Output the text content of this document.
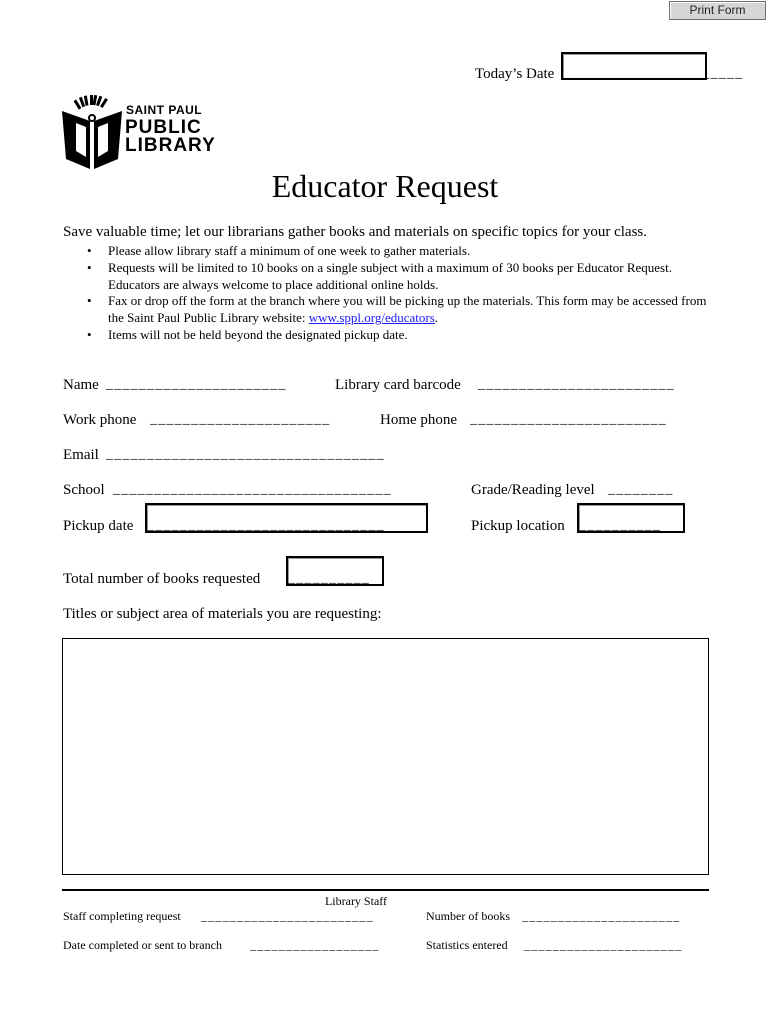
Print Form
Today’s Date ______________________
SAINT PAUL
PUBLIC
LIBRARY
Educator Request
Save valuable time; let our librarians gather books and materials on specific topics for your class.
• Please allow library staff a minimum of one week to gather materials.
• Requests will be limited to 10 books on a single subject with a maximum of 30 books per Educator Request. Educators are always welcome to place additional online holds.
• Fax or drop off the form at the branch where you will be picking up the materials. This form may be accessed from the Saint Paul Public Library website: www.sppl.org/educators.
• Items will not be held beyond the designated pickup date.
Name ______________________	Library card barcode ________________________
Work phone ______________________	Home phone ________________________
Email __________________________________
School __________________________________	Grade/Reading level ________
Pickup date _____________________________	Pickup location __________
Total number of books requested __________
Titles or subject area of materials you are requesting:
Library Staff
Staff completing request ________________________	Number of books ______________________
Date completed or sent to branch __________________	Statistics entered ______________________
